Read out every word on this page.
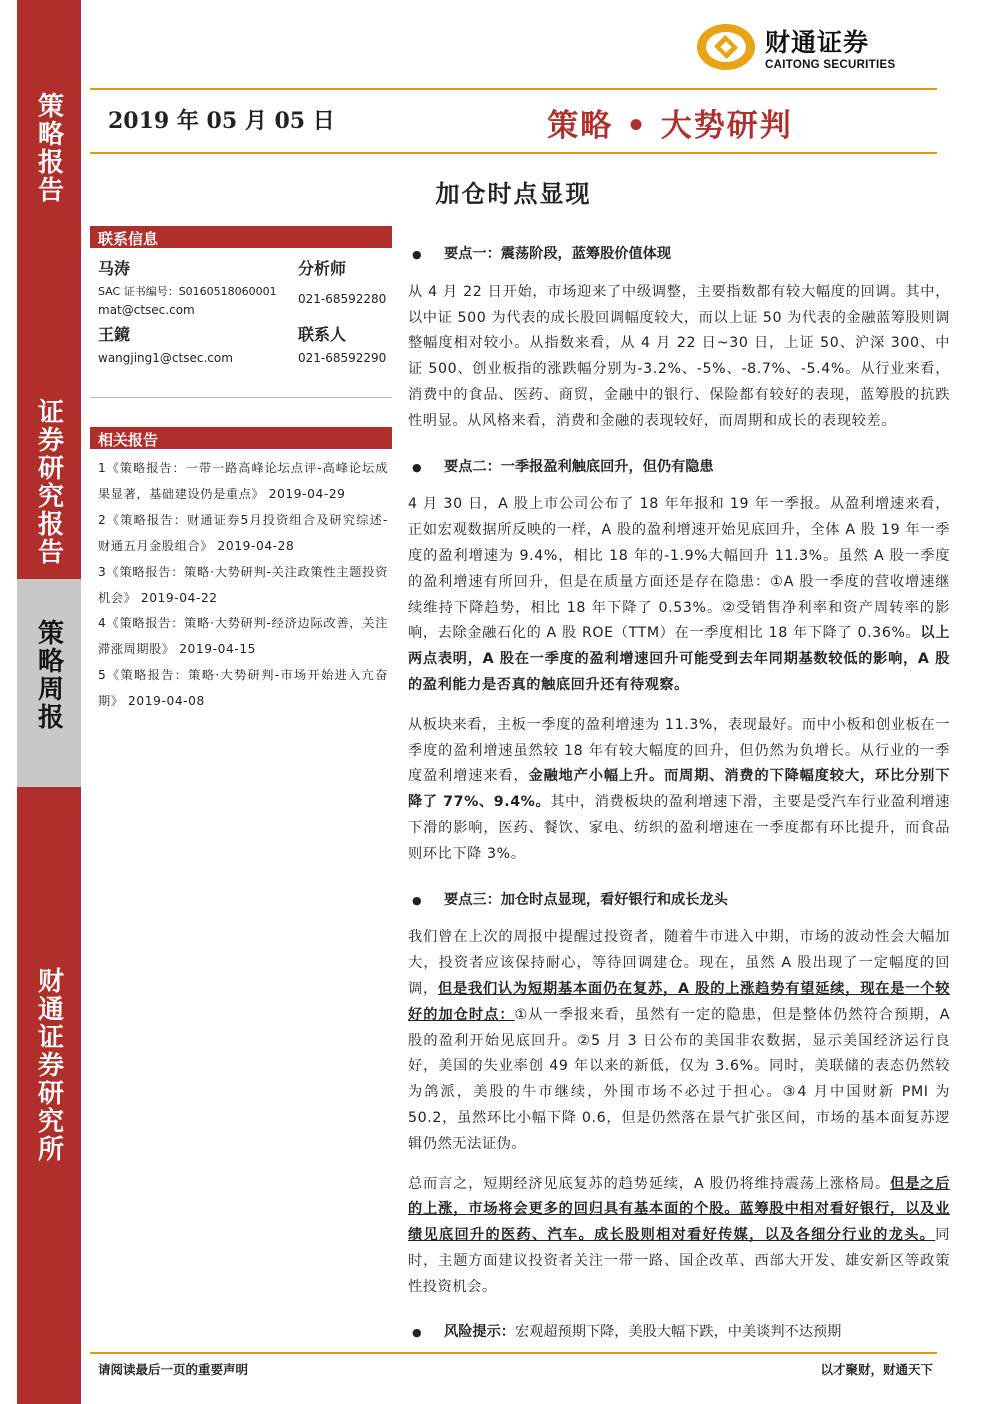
策略报告
证券研究报告
策略周报
财通证券研究所
财通证券
CAITONG SECURITIES
2019 年 05 月 05 日	策略 • 大势研判
加仓时点显现
联系信息
马涛	分析师
SAC 证书编号：S0160518060001
021-68592280
mat@ctsec.com
王鏡	联系人
wangjing1@ctsec.com	021-68592290
相关报告
1《策略报告：一带一路高峰论坛点评-高峰论坛成果显著，基础建设仍是重点》 2019-04-29
2《策略报告：财通证券5月投资组合及研究综述-财通五月金股组合》 2019-04-28
3《策略报告：策略·大势研判-关注政策性主题投资机会》 2019-04-22
4《策略报告：策略·大势研判-经济边际改善，关注滞涨周期股》 2019-04-15
5《策略报告：策略·大势研判-市场开始进入亢奋期》 2019-04-08
● 要点一：震荡阶段，蓝筹股价值体现

从 4 月 22 日开始，市场迎来了中级调整，主要指数都有较大幅度的回调。其中，以中证 500 为代表的成长股回调幅度较大，而以上证 50 为代表的金融蓝筹股则调整幅度相对较小。从指数来看，从 4 月 22 日~30 日，上证 50、沪深 300、中证 500、创业板指的涨跌幅分别为-3.2%、-5%、-8.7%、-5.4%。从行业来看，消费中的食品、医药、商贸，金融中的银行、保险都有较好的表现，蓝筹股的抗跌性明显。从风格来看，消费和金融的表现较好，而周期和成长的表现较差。

● 要点二：一季报盈利触底回升，但仍有隐患

4 月 30 日，A 股上市公司公布了 18 年年报和 19 年一季报。从盈利增速来看，正如宏观数据所反映的一样，A 股的盈利增速开始见底回升，全体 A 股 19 年一季度的盈利增速为 9.4%，相比 18 年的-1.9%大幅回升 11.3%。虽然 A 股一季度的盈利增速有所回升，但是在质量方面还是存在隐患：①A 股一季度的营收增速继续维持下降趋势，相比 18 年下降了 0.53%。②受销售净利率和资产周转率的影响，去除金融石化的 A 股 ROE（TTM）在一季度相比 18 年下降了 0.36%。以上两点表明，A 股在一季度的盈利增速回升可能受到去年同期基数较低的影响，A 股的盈利能力是否真的触底回升还有待观察。

从板块来看，主板一季度的盈利增速为 11.3%，表现最好。而中小板和创业板在一季度的盈利增速虽然较 18 年有较大幅度的回升，但仍然为负增长。从行业的一季度盈利增速来看，金融地产小幅上升。而周期、消费的下降幅度较大，环比分别下降了 77%、9.4%。其中，消费板块的盈利增速下滑，主要是受汽车行业盈利增速下滑的影响，医药、餐饮、家电、纺织的盈利增速在一季度都有环比提升，而食品则环比下降 3%。

● 要点三：加仓时点显现，看好银行和成长龙头

我们曾在上次的周报中提醒过投资者，随着牛市进入中期，市场的波动性会大幅加大，投资者应该保持耐心，等待回调建仓。现在，虽然 A 股出现了一定幅度的回调，但是我们认为短期基本面仍在复苏，A 股的上涨趋势有望延续，现在是一个较好的加仓时点：①从一季报来看，虽然有一定的隐患，但是整体仍然符合预期，A 股的盈利开始见底回升。②5 月 3 日公布的美国非农数据，显示美国经济运行良好，美国的失业率创 49 年以来的新低，仅为 3.6%。同时，美联储的表态仍然较为鸽派，美股的牛市继续，外围市场不必过于担心。③4 月中国财新 PMI 为 50.2，虽然环比小幅下降 0.6，但是仍然落在景气扩张区间，市场的基本面复苏逻辑仍然无法证伪。

总而言之，短期经济见底复苏的趋势延续，A 股仍将维持震荡上涨格局。但是之后的上涨，市场将会更多的回归具有基本面的个股。蓝筹股中相对看好银行，以及业绩见底回升的医药、汽车。成长股则相对看好传媒，以及各细分行业的龙头。同时，主题方面建议投资者关注一带一路、国企改革、西部大开发、雄安新区等政策性投资机会。

● 风险提示：宏观超预期下降，美股大幅下跌，中美谈判不达预期
请阅读最后一页的重要声明	以才聚财，财通天下
